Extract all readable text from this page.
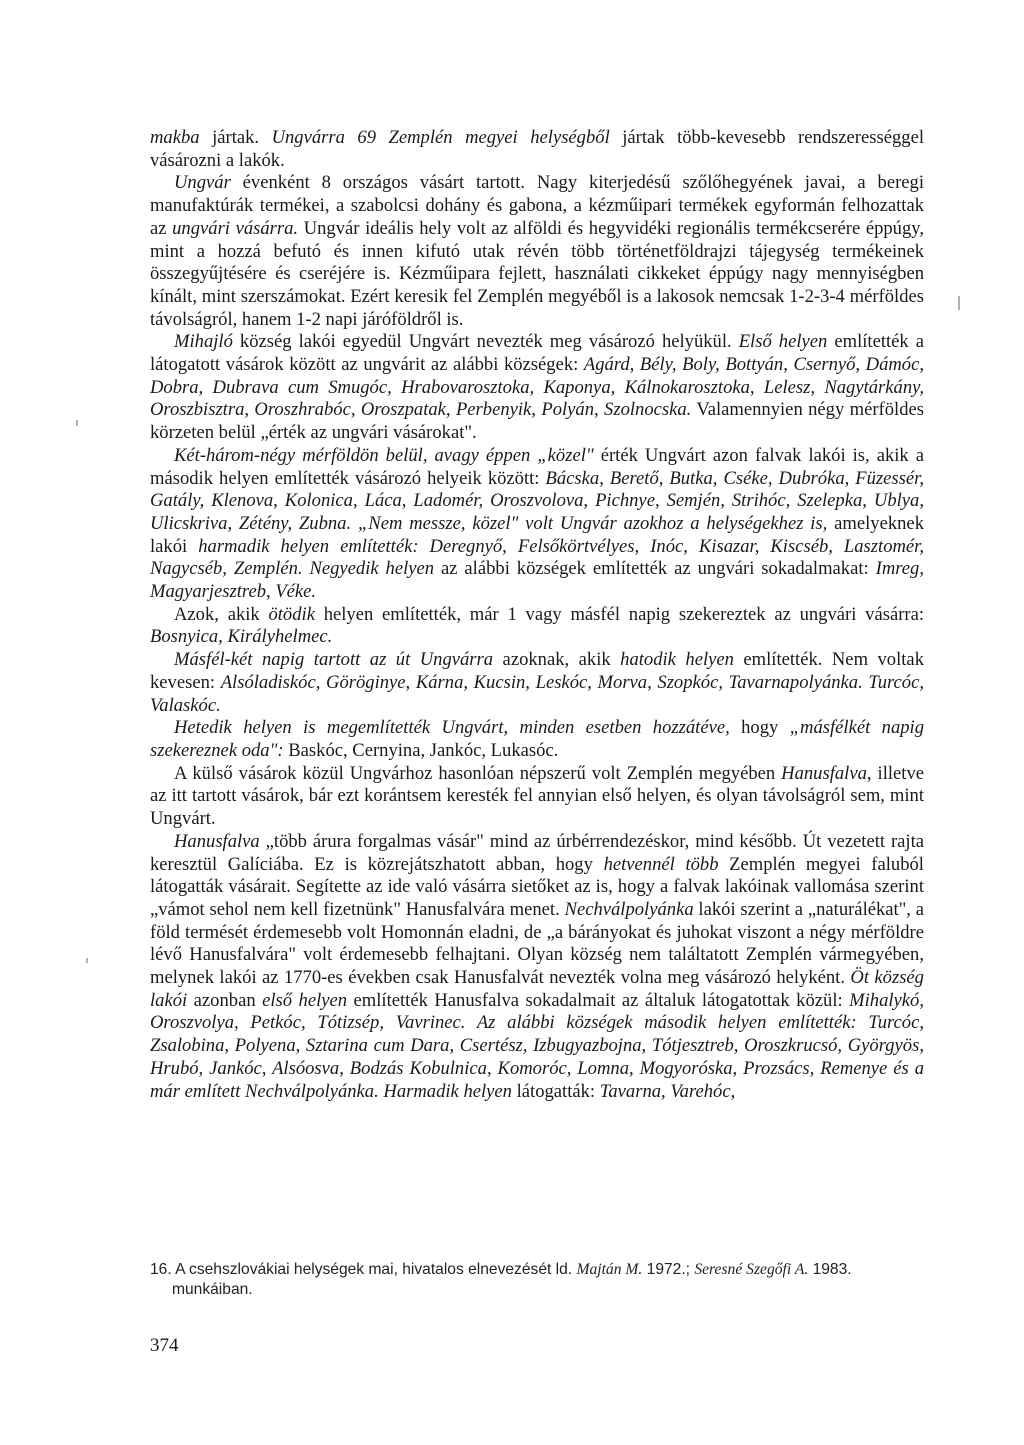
makba jártak. Ungvárra 69 Zemplén megyei helységből jártak több-kevesebb rendszerességgel vásározni a lakók.

Ungvár évenként 8 országos vásárt tartott. Nagy kiterjedésű szőlőhegyének javai, a beregi manufaktúrák termékei, a szabolcsi dohány és gabona, a kézműipari termékek egyformán felhozattak az ungvári vásárra. Ungvár ideális hely volt az alföldi és hegyvidéki regionális termékcserére éppúgy, mint a hozzá befutó és innen kifutó utak révén több történetföldrajzi tájegység termékeinek összegyűjtésére és cseréjére is. Kézműipara fejlett, használati cikkeket éppúgy nagy mennyiségben kínált, mint szerszámokat. Ezért keresik fel Zemplén megyéből is a lakosok nemcsak 1-2-3-4 mérföldes távolságról, hanem 1-2 napi járóföldről is.

Mihajló község lakói egyedül Ungvárt nevezték meg vásározó helyükül. Első helyen említették a látogatott vásárok között az ungvárit az alábbi községek: Agárd, Bély, Boly, Bottyán, Csernyő, Dámóc, Dobra, Dubrava cum Smugóc, Hrabovarosztoka, Kaponya, Kálnokarosztoka, Lelesz, Nagytárkány, Oroszbisztra, Oroszhrabóc, Oroszpatak, Perbenyik, Polyán, Szolnocska. Valamennyien négy mérföldes körzeten belül „érték az ungvári vásárokat".

Két-három-négy mérföldön belül, avagy éppen „közel" érték Ungvárt azon falvak lakói is, akik a második helyen említették vásározó helyeik között: Bácska, Berető, Butka, Cséke, Dubróka, Füzessér, Gatály, Klenova, Kolonica, Láca, Ladomér, Oroszvolova, Pichnye, Semjén, Strihóc, Szelepka, Ublya, Ulicskriva, Zétény, Zubna. „Nem messze, közel" volt Ungvár azokhoz a helységekhez is, amelyeknek lakói harmadik helyen említették: Deregnyő, Felsőkörtvélyes, Inóc, Kisazar, Kiscséb, Lasztomér, Nagycséb, Zemplén. Negyedik helyen az alábbi községek említették az ungvári sokadalmakat: Imreg, Magyarjesztreb, Véke.

Azok, akik ötödik helyen említették, már 1 vagy másfél napig szekereztek az ungvári vásárra: Bosnyica, Királyhelmec.

Másfél-két napig tartott az út Ungvárra azoknak, akik hatodik helyen említették. Nem voltak kevesen: Alsóladiskóc, Göröginye, Kárna, Kucsin, Leskóc, Morva, Szopkóc, Tavarnapolyánka. Turcóc, Valaskóc.

Hetedik helyen is megemlítették Ungvárt, minden esetben hozzátéve, hogy „másfélkét napig szekereznek oda": Baskóc, Cernyina, Jankóc, Lukasóc.

A külső vásárok közül Ungvárhoz hasonlóan népszerű volt Zemplén megyében Hanusfalva, illetve az itt tartott vásárok, bár ezt korántsem keresték fel annyian első helyen, és olyan távolságról sem, mint Ungvárt.

Hanusfalva „több árura forgalmas vásár" mind az úrbérrendezéskor, mind később. Út vezetett rajta keresztül Galíciába. Ez is közrejátszhatott abban, hogy hetvennél több Zemplén megyei faluból látogatták vásárait. Segítette az ide való vásárra sietőket az is, hogy a falvak lakóinak vallomása szerint „vámot sehol nem kell fizetnünk" Hanusfalvára menet. Nechválpolyánka lakói szerint a „naturálékat", a föld termését érdemesebb volt Homonnán eladni, de „a bárányokat és juhokat viszont a négy mérföldre lévő Hanusfalvára" volt érdemesebb felhajtani. Olyan község nem találtatott Zemplén vármegyében, melynek lakói az 1770-es években csak Hanusfalvát nevezték volna meg vásározó helyként. Öt község lakói azonban első helyen említették Hanusfalva sokadalmait az általuk látogatottak közül: Mihalykó, Oroszvolya, Petkóc, Tótizsép, Vavrinec. Az alábbi községek második helyen említették: Turcóc, Zsalobina, Polyena, Sztarina cum Dara, Csertész, Izbugyazbojna, Tótjesztreb, Oroszkrucsó, Györgyös, Hrubó, Jankóc, Alsóosva, Bodzás Kobulnica, Komoróc, Lomna, Mogyoróska, Prozsács, Remenye és a már említett Nechválpolyánka. Harmadik helyen látogatták: Tavarna, Varehóc,

16. A csehszlovákiai helységek mai, hivatalos elnevezését ld. Majtán M. 1972.; Seresné Szegőfi A. 1983. munkáiban.
374
